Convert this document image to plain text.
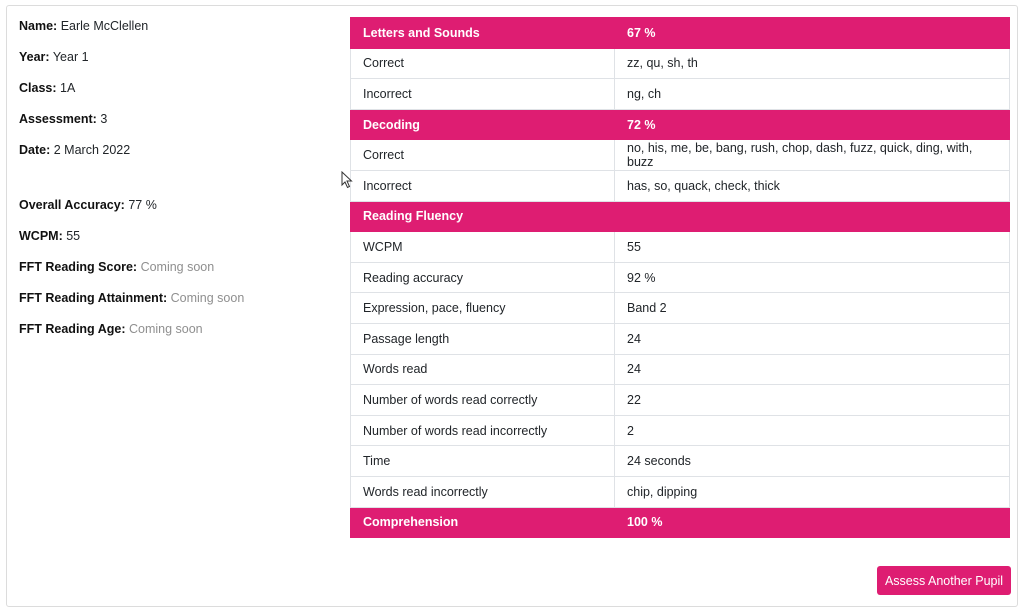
Name: Earle McClellen
Year: Year 1
Class: 1A
Assessment: 3
Date: 2 March 2022
Overall Accuracy: 77 %
WCPM: 55
FFT Reading Score: Coming soon
FFT Reading Attainment: Coming soon
FFT Reading Age: Coming soon
Letters and Sounds	67 %
Correct	zz, qu, sh, th
Incorrect	ng, ch
Decoding	72 %
Correct	no, his, me, be, bang, rush, chop, dash, fuzz, quick, ding, with, buzz
Incorrect	has, so, quack, check, thick
Reading Fluency	
WCPM	55
Reading accuracy	92 %
Expression, pace, fluency	Band 2
Passage length	24
Words read	24
Number of words read correctly	22
Number of words read incorrectly	2
Time	24 seconds
Words read incorrectly	chip, dipping
Comprehension	100 %
Assess Another Pupil
